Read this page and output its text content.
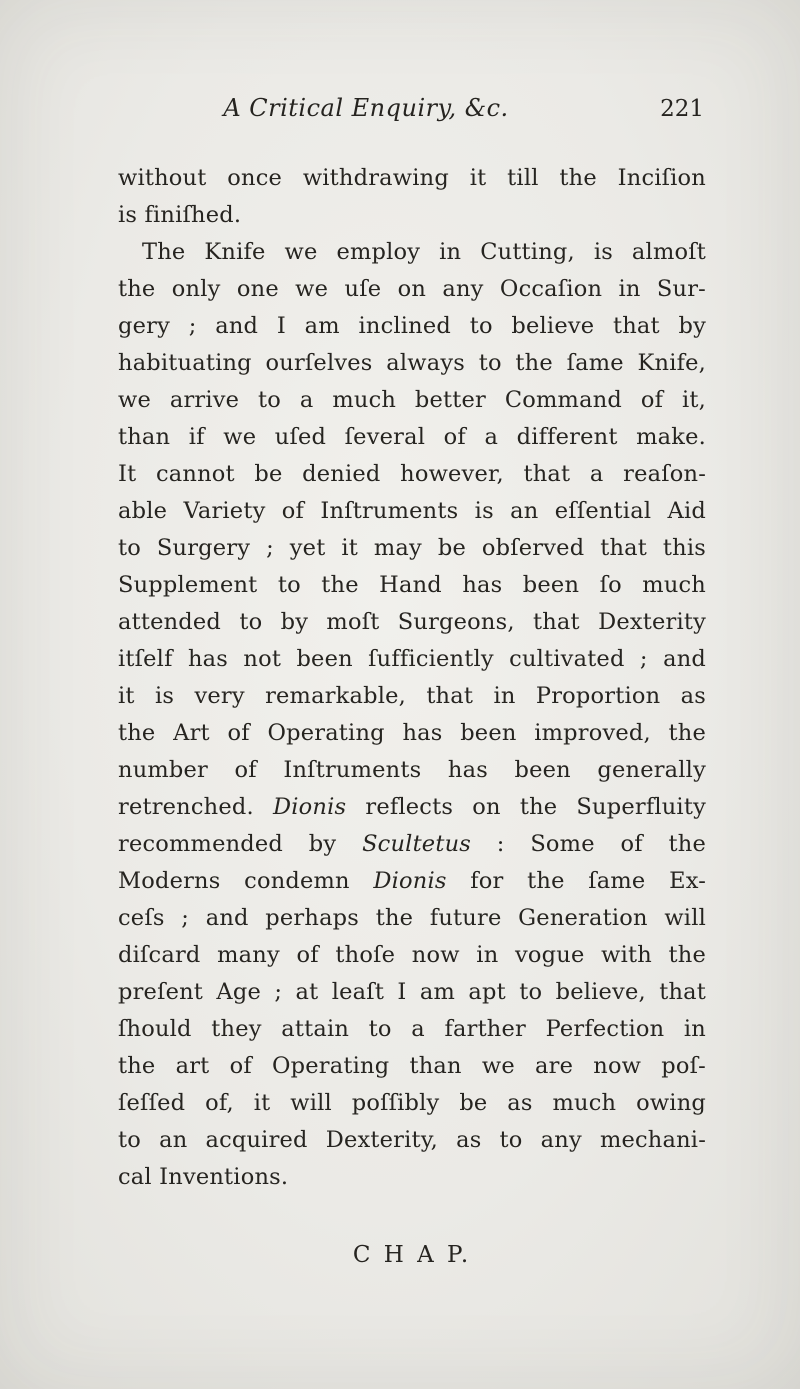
A Critical Enquiry, &c.	221
without once withdrawing it till the Inciſion
is finiſhed.
The Knife we employ in Cutting, is almoſt
the only one we uſe on any Occaſion in Sur-
gery ; and I am inclined to believe that by
habituating ourſelves always to the ſame Knife,
we arrive to a much better Command of it,
than if we uſed ſeveral of a different make.
It cannot be denied however, that a reaſon-
able Variety of Inſtruments is an eſſential Aid
to Surgery ; yet it may be obſerved that this
Supplement to the Hand has been ſo much
attended to by moſt Surgeons, that Dexterity
itſelf has not been ſufficiently cultivated ; and
it is very remarkable, that in Proportion as
the Art of Operating has been improved, the
number of Inſtruments has been generally
retrenched. Dionis reflects on the Superfluity
recommended by Scultetus : Some of the
Moderns condemn Dionis for the ſame Ex-
ceſs ; and perhaps the future Generation will
diſcard many of thoſe now in vogue with the
preſent Age ; at leaſt I am apt to believe, that
ſhould they attain to a farther Perfection in
the art of Operating than we are now poſ-
ſeſſed of, it will poſſibly be as much owing
to an acquired Dexterity, as to any mechani-
cal Inventions.
C H A P.
